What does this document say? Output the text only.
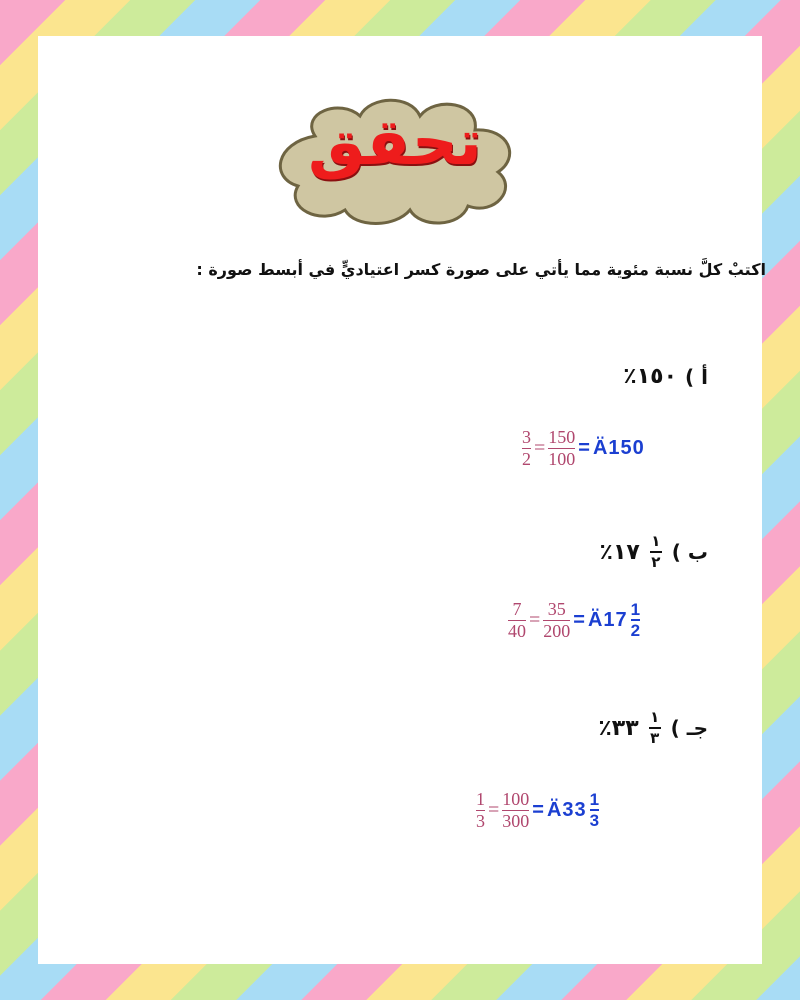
تحقق
اكتبْ كلَّ نسبة مئوية مما يأتي على صورة كسر اعتياديٍّ في أبسط صورة :
أ )
١٥٠٪
$\frac{3}{2} = \frac{150}{100}$ = Ä150
ب )
$\frac{١}{٢}$
١٧٪
$\frac{7}{40} = \frac{35}{200}$ = Ä17 $\frac{1}{2}$
جـ )
$\frac{١}{٣}$
٣٣٪
$\frac{1}{3} = \frac{100}{300}$ = Ä33 $\frac{1}{3}$
